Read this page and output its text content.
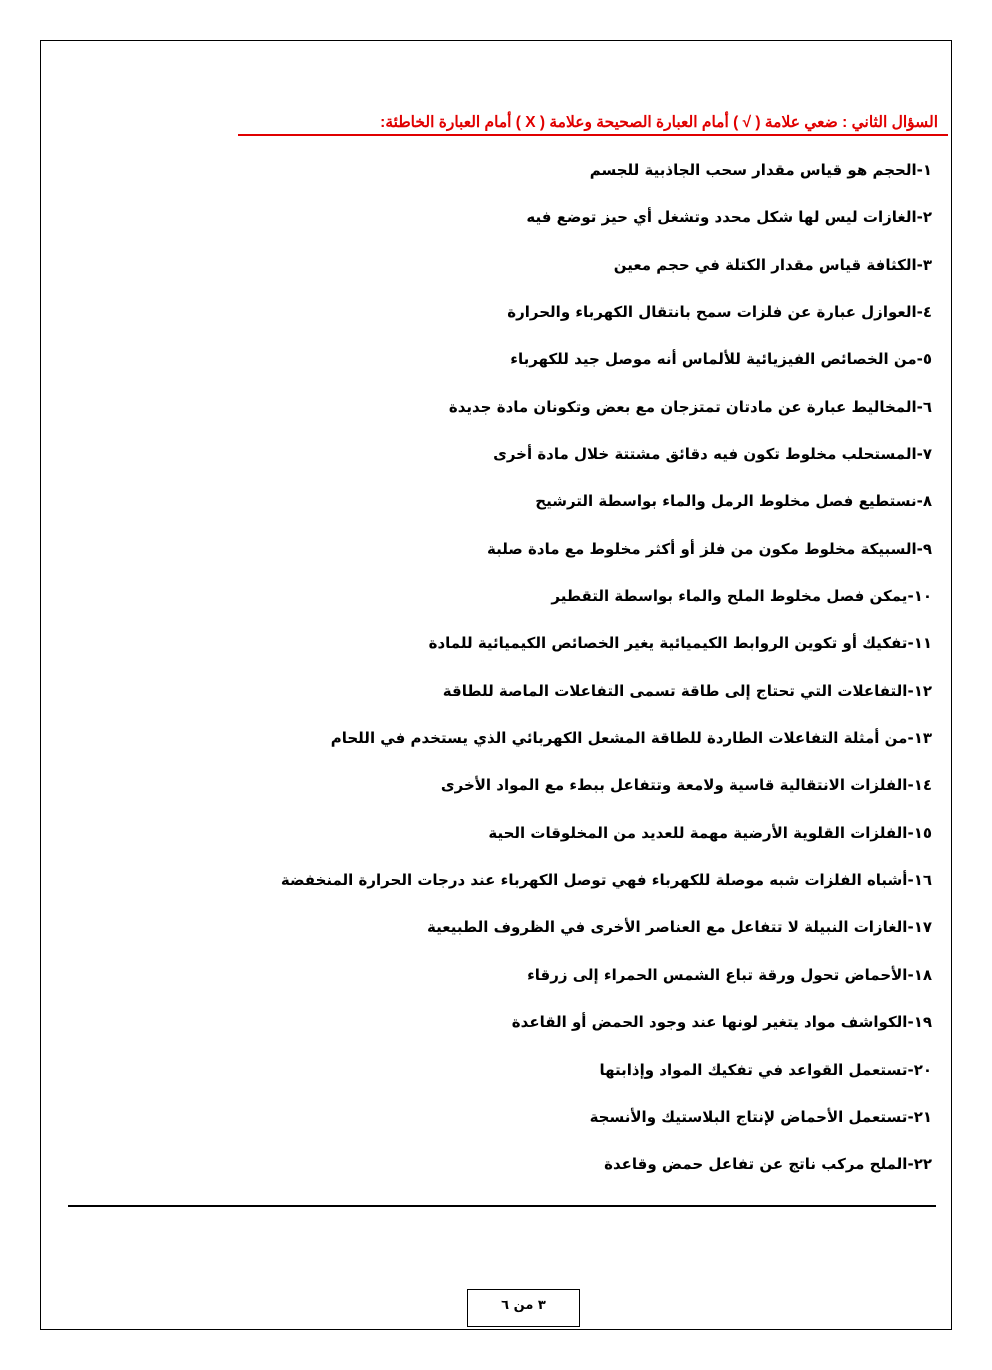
السؤال الثاني : ضعي علامة ( √ ) أمام العبارة الصحيحة وعلامة ( X ) أمام العبارة الخاطئة:
١-الحجم هو قياس مقدار سحب الجاذبية للجسم
٢-الغازات ليس لها شكل محدد وتشغل أي حيز توضع فيه
٣-الكثافة قياس مقدار الكتلة في حجم معين
٤-العوازل عبارة عن فلزات سمح بانتقال الكهرباء والحرارة
٥-من الخصائص الفيزيائية للألماس أنه موصل جيد للكهرباء
٦-المخاليط عبارة عن مادتان تمتزجان مع بعض وتكونان مادة جديدة
٧-المستحلب مخلوط تكون فيه دقائق مشتتة خلال مادة أخرى
٨-نستطيع فصل مخلوط الرمل والماء بواسطة الترشيح
٩-السبيكة مخلوط مكون من فلز أو أكثر مخلوط مع مادة صلبة
١٠-يمكن فصل مخلوط الملح والماء بواسطة التقطير
١١-تفكيك أو تكوين الروابط الكيميائية يغير الخصائص الكيميائية للمادة
١٢-التفاعلات التي تحتاج إلى طاقة تسمى التفاعلات الماصة للطاقة
١٣-من أمثلة التفاعلات الطاردة للطاقة المشعل الكهربائي الذي يستخدم في اللحام
١٤-الفلزات الانتقالية قاسية ولامعة وتتفاعل ببطء مع المواد الأخرى
١٥-الفلزات القلوية الأرضية مهمة للعديد من المخلوقات الحية
١٦-أشباه الفلزات شبه موصلة للكهرباء فهي توصل الكهرباء عند درجات الحرارة المنخفضة
١٧-الغازات النبيلة لا تتفاعل مع العناصر الأخرى في الظروف الطبيعية
١٨-الأحماض تحول ورقة تباع الشمس الحمراء إلى زرقاء
١٩-الكواشف مواد يتغير لونها عند وجود الحمض أو القاعدة
٢٠-تستعمل القواعد في تفكيك المواد وإذابتها
٢١-تستعمل الأحماض لإنتاج البلاستيك والأنسجة
٢٢-الملح مركب ناتج عن تفاعل حمض وقاعدة
٣ من ٦
